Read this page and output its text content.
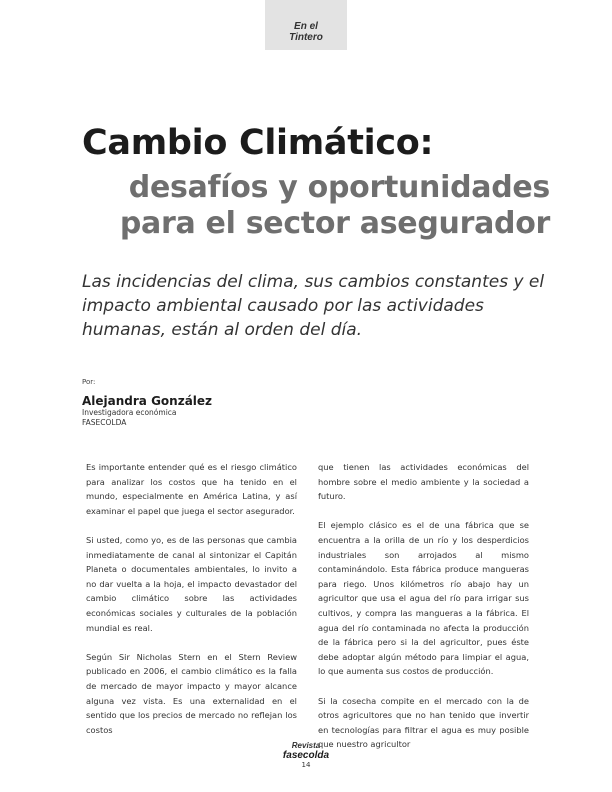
En el
Tintero
Cambio Climático:
desafíos y oportunidades
para el sector asegurador

Las incidencias del clima, sus cambios constantes y el impacto ambiental causado por las actividades humanas, están al orden del día.

Por:
Alejandra González
Investigadora económica
FASECOLDA

Es importante entender qué es el riesgo climático para analizar los costos que ha tenido en el mundo, especialmente en América Latina, y así examinar el papel que juega el sector asegurador.

Si usted, como yo, es de las personas que cambia inmediatamente de canal al sintonizar el Capitán Planeta o documentales ambientales, lo invito a no dar vuelta a la hoja, el impacto devastador del cambio climático sobre las actividades económicas sociales y culturales de la población mundial es real.

Según Sir Nicholas Stern en el Stern Review publicado en 2006, el cambio climático es la falla de mercado de mayor impacto y mayor alcance alguna vez vista. Es una externalidad en el sentido que los precios de mercado no reflejan los costos

que tienen las actividades económicas del hombre sobre el medio ambiente y la sociedad a futuro.

El ejemplo clásico es el de una fábrica que se encuentra a la orilla de un río y los desperdicios industriales son arrojados al mismo contaminándolo. Esta fábrica produce mangueras para riego. Unos kilómetros río abajo hay un agricultor que usa el agua del río para irrigar sus cultivos, y compra las mangueras a la fábrica. El agua del río contaminada no afecta la producción de la fábrica pero si la del agricultor, pues éste debe adoptar algún método para limpiar el agua, lo que aumenta sus costos de producción.

Si la cosecha compite en el mercado con la de otros agricultores que no han tenido que invertir en tecnologías para filtrar el agua es muy posible que nuestro agricultor

Revista
fasecolda
14
